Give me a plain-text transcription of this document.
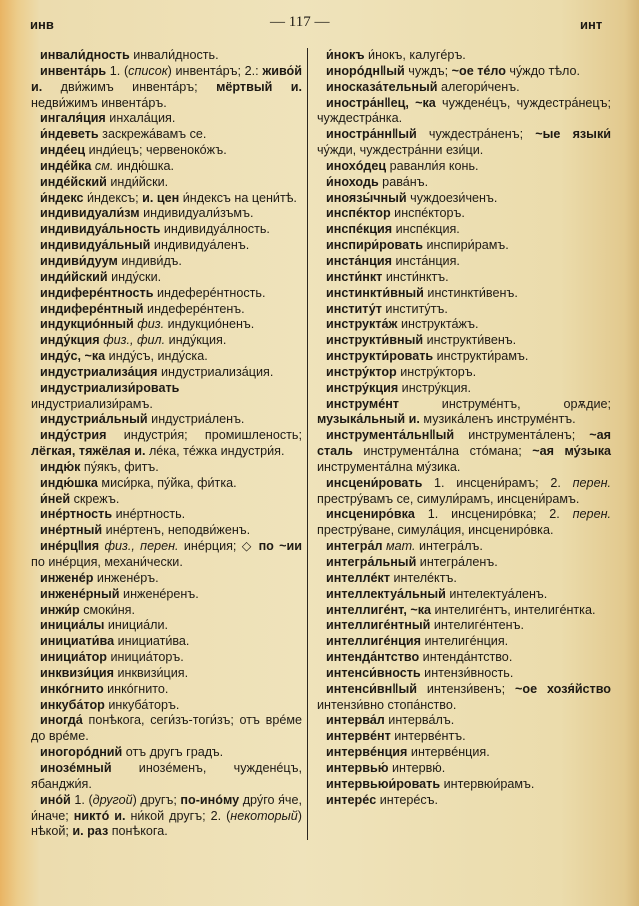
инв	— 117 —	инт

инвали́дность инвали́дность.

инвента́рь 1. (список) инвента́ръ; 2.: живо́й и. дви́жимъ инвента́ръ; мёртвый и. недви́жимъ инвента́ръ.

ингаля́ция инхала́ция.

и́ндеветь заскрежа́вамъ се.

индéец инди́ецъ; червенокóжъ.

индéйка см. индю́шка.

индéйский инди́йски.

и́ндекс и́ндексъ; и. цен и́ндексъ на цени́тѣ.

индивидуали́зм индивидуали́зъмъ.

индивидуа́льность индивидуа́лность.

индивидуа́льный индивидуа́ленъ.

индиви́дуум индиви́дъ.

инди́йский инду́ски.

индиферéнтность индеферéнтность.

индиферéнтный индеферéнтенъ.

индукциóнный физ. индукциóненъ.

инду́кция физ., фил. инду́кция.

инду́с, ~ка инду́съ, инду́ска.

индустриализа́ция индустриализа́ция.

индустриализи́ровать индустриализи́рамъ.

индустриа́льный индустриа́ленъ.

инду́стрия индустри́я; промишленость; лёгкая, тяжёлая и. лéка, тéжка индустри́я.

индю́к пу́якъ, фитъ.

индю́шка миси́рка, пу́йка, фи́тка.

и́ней скрежъ.

инéртность инéртность.

инéртный инéртенъ, неподви́женъ.

инéрц‖ия физ., перен. инéрция; ◇ по ~ии по инéрция, механи́чески.

инженéр инженéръ.

инженéрный инженéренъ.

инжи́р смоки́ня.

инициа́лы инициа́ли.

инициати́ва инициати́ва.

инициа́тор инициа́торъ.

инквизи́ция инквизи́ция.

инкóгнито инкóгнито.

инкуба́тор инкуба́торъ.

иногда́ понѣкога, сеги́зъ-тоги́зъ; отъ врéме до врéме.

иногорóдний отъ другъ градъ.

инозéмный инозéменъ, чужденéцъ, ябанджи́я.

инóй 1. (другой) другъ; по-инóму дру́го я́че, и́наче; никтó и. ни́кой другъ; 2. (некоторый) нѣкой; и. раз понѣкога.

и́нокъ и́нокъ, калугéръ.

инорóдн‖ый чуждъ; ~ое тéло чу́ждо тѣло.

иносказа́тельный алегори́ченъ.

иностра́н‖ец, ~ка чужденéцъ, чуждестра́нецъ; чуждестра́нка.

иностра́нн‖ый чуждестра́ненъ; ~ые языки́ чу́жди, чуждестра́нни ези́ци.

инохóдец раванли́я конь.

и́ноходь рава́нъ.

иноязы́чный чуждоези́ченъ.

инспéктор инспéкторъ.

инспéкция инспéкция.

инспири́ровать инспири́рамъ.

инста́нция инста́нция.

инсти́нкт инсти́нктъ.

инстинкти́вный инстинкти́венъ.

институ́т институ́тъ.

инструкта́ж инструкта́жъ.

инструкти́вный инструкти́венъ.

инструкти́ровать инструкти́рамъ.

инстру́ктор инстру́кторъ.

инстру́кция инстру́кция.

инструмéнт инструмéнтъ, орѫдие; музыка́льный и. музика́ленъ инструмéнтъ.

инструмента́льн‖ый инструмента́ленъ; ~ая сталь инструмента́лна стóмана; ~ая му́зыка инструмента́лна му́зика.

инсцени́ровать 1. инсцени́рамъ; 2. перен. престру́вамъ се, симули́рамъ, инсцени́рамъ.

инсцениро́вка 1. инсцениро́вка; 2. перен. престру́ване, симула́ция, инсцениро́вка.

интегра́л мат. интегра́лъ.

интегра́льный интегра́ленъ.

интеллéкт интелéктъ.

интеллектуа́льный интелектуа́ленъ.

интеллигéнт, ~ка интелигéнтъ, интелигéнтка.

интеллигéнтный интелигéнтенъ.

интеллигéнция интелигéнция.

интенда́нтство интенда́нтство.

интенси́вность интензи́вность.

интенси́вн‖ый интензи́венъ; ~ое хозя́йство интензи́вно стопа́нство.

интерва́л интерва́лъ.

интервéнт интервéнтъ.

интервéнция интервéнция.

интервью́ интервю́.

интервьюи́ровать интервюи́рамъ.

интерéс интерéсъ.
